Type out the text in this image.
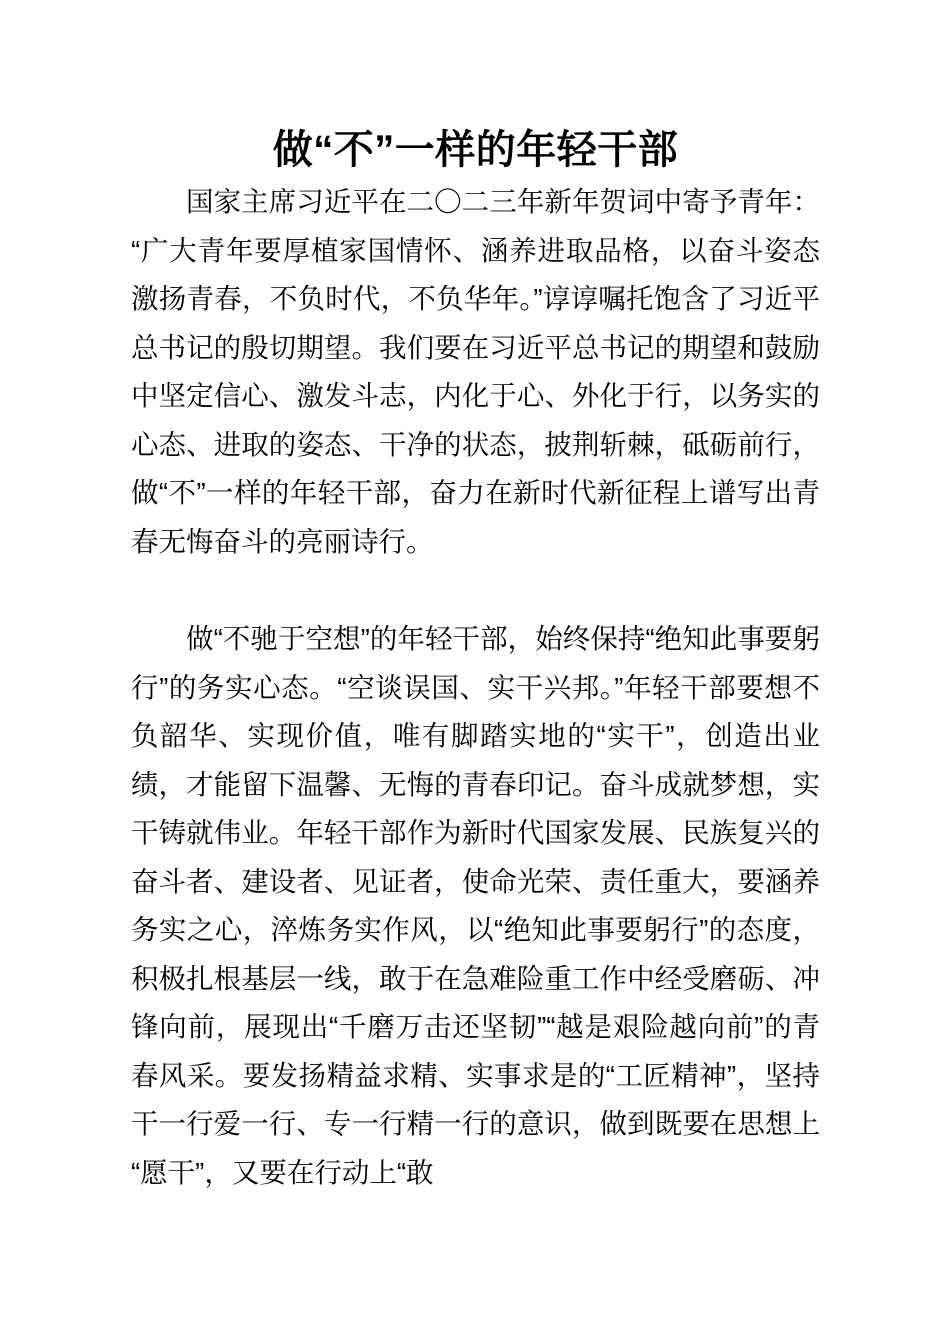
做“不”一样的年轻干部

国家主席习近平在二〇二三年新年贺词中寄予青年：“广大青年要厚植家国情怀、涵养进取品格，以奋斗姿态激扬青春，不负时代，不负华年。”谆谆嘱托饱含了习近平总书记的殷切期望。我们要在习近平总书记的期望和鼓励中坚定信心、激发斗志，内化于心、外化于行，以务实的心态、进取的姿态、干净的状态，披荆斩棘，砥砺前行，做“不”一样的年轻干部，奋力在新时代新征程上谱写出青春无悔奋斗的亮丽诗行。

做“不驰于空想”的年轻干部，始终保持“绝知此事要躬行”的务实心态。“空谈误国、实干兴邦。”年轻干部要想不负韶华、实现价值，唯有脚踏实地的“实干”，创造出业绩，才能留下温馨、无悔的青春印记。奋斗成就梦想，实干铸就伟业。年轻干部作为新时代国家发展、民族复兴的奋斗者、建设者、见证者，使命光荣、责任重大，要涵养务实之心，淬炼务实作风，以“绝知此事要躬行”的态度，积极扎根基层一线，敢于在急难险重工作中经受磨砺、冲锋向前，展现出“千磨万击还坚韧”“越是艰险越向前”的青春风采。要发扬精益求精、实事求是的“工匠精神”，坚持干一行爱一行、专一行精一行的意识，做到既要在思想上“愿干”，又要在行动上“敢
